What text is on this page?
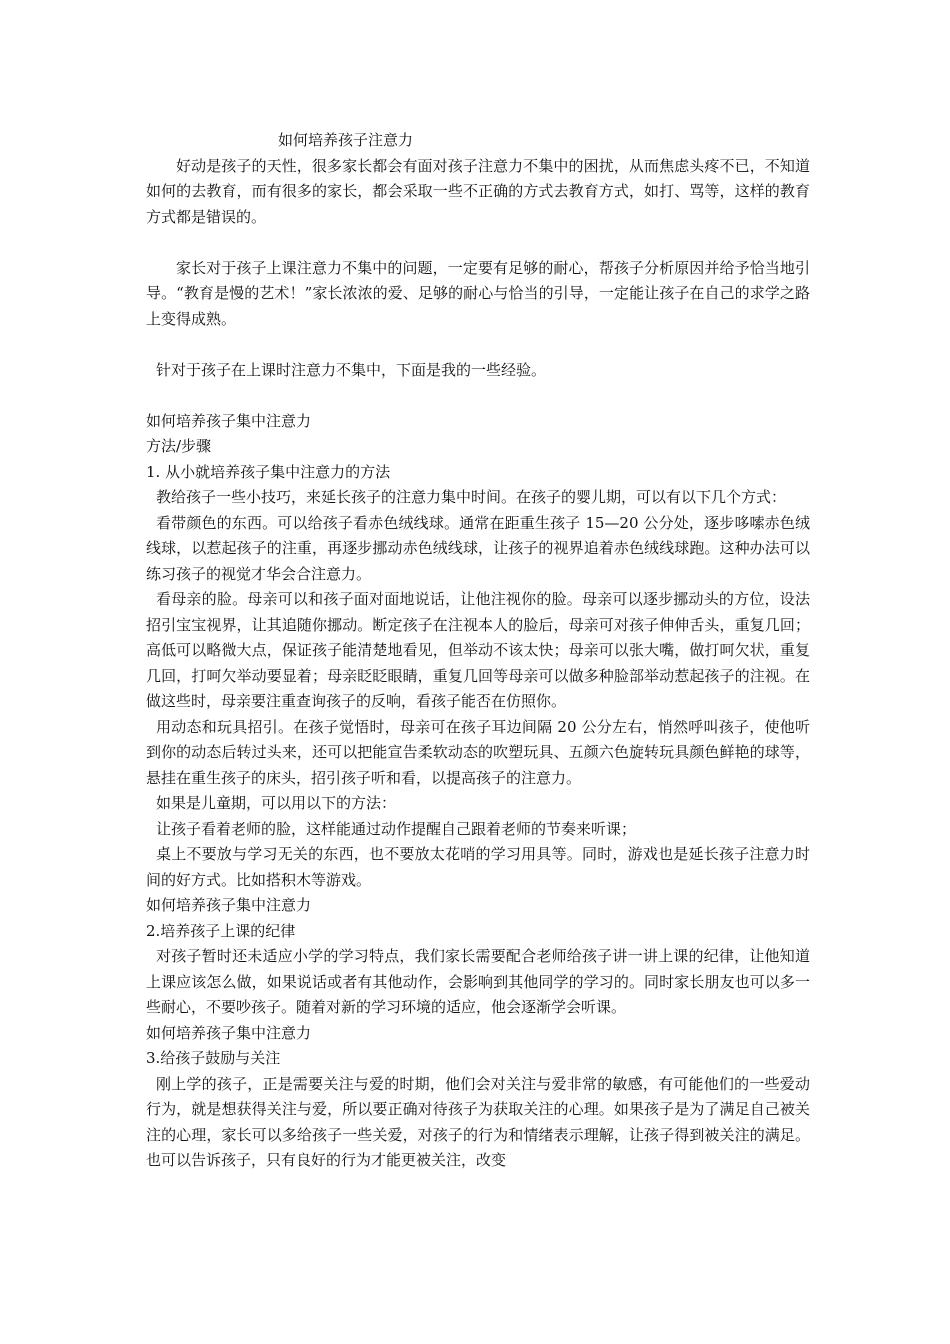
如何培养孩子注意力

好动是孩子的天性，很多家长都会有面对孩子注意力不集中的困扰，从而焦虑头疼不已，不知道如何的去教育，而有很多的家长，都会采取一些不正确的方式去教育方式，如打、骂等，这样的教育方式都是错误的。

家长对于孩子上课注意力不集中的问题，一定要有足够的耐心，帮孩子分析原因并给予恰当地引导。“教育是慢的艺术！”家长浓浓的爱、足够的耐心与恰当的引导，一定能让孩子在自己的求学之路上变得成熟。

针对于孩子在上课时注意力不集中，下面是我的一些经验。

如何培养孩子集中注意力

方法/步骤

1. 从小就培养孩子集中注意力的方法

教给孩子一些小技巧，来延长孩子的注意力集中时间。在孩子的婴儿期，可以有以下几个方式：

看带颜色的东西。可以给孩子看赤色绒线球。通常在距重生孩子 15—20 公分处，逐步哆嗦赤色绒线球，以惹起孩子的注重，再逐步挪动赤色绒线球，让孩子的视界追着赤色绒线球跑。这种办法可以练习孩子的视觉才华会合注意力。

看母亲的脸。母亲可以和孩子面对面地说话，让他注视你的脸。母亲可以逐步挪动头的方位，设法招引宝宝视界，让其追随你挪动。断定孩子在注视本人的脸后，母亲可对孩子伸伸舌头，重复几回；高低可以略微大点，保证孩子能清楚地看见，但举动不该太快；母亲可以张大嘴，做打呵欠状，重复几回，打呵欠举动要显着；母亲眨眨眼睛，重复几回等母亲可以做多种脸部举动惹起孩子的注视。在做这些时，母亲要注重查询孩子的反响，看孩子能否在仿照你。

用动态和玩具招引。在孩子觉悟时，母亲可在孩子耳边间隔 20 公分左右，悄然呼叫孩子，使他听到你的动态后转过头来，还可以把能宣告柔软动态的吹塑玩具、五颜六色旋转玩具颜色鲜艳的球等，悬挂在重生孩子的床头，招引孩子听和看，以提高孩子的注意力。

如果是儿童期，可以用以下的方法：

让孩子看着老师的脸，这样能通过动作提醒自己跟着老师的节奏来听课；

桌上不要放与学习无关的东西，也不要放太花哨的学习用具等。同时，游戏也是延长孩子注意力时间的好方式。比如搭积木等游戏。

如何培养孩子集中注意力

2.培养孩子上课的纪律

对孩子暂时还未适应小学的学习特点，我们家长需要配合老师给孩子讲一讲上课的纪律，让他知道上课应该怎么做，如果说话或者有其他动作，会影响到其他同学的学习的。同时家长朋友也可以多一些耐心，不要吵孩子。随着对新的学习环境的适应，他会逐渐学会听课。

如何培养孩子集中注意力

3.给孩子鼓励与关注

刚上学的孩子，正是需要关注与爱的时期，他们会对关注与爱非常的敏感，有可能他们的一些爱动行为，就是想获得关注与爱，所以要正确对待孩子为获取关注的心理。如果孩子是为了满足自己被关注的心理，家长可以多给孩子一些关爱，对孩子的行为和情绪表示理解，让孩子得到被关注的满足。也可以告诉孩子，只有良好的行为才能更被关注，改变
